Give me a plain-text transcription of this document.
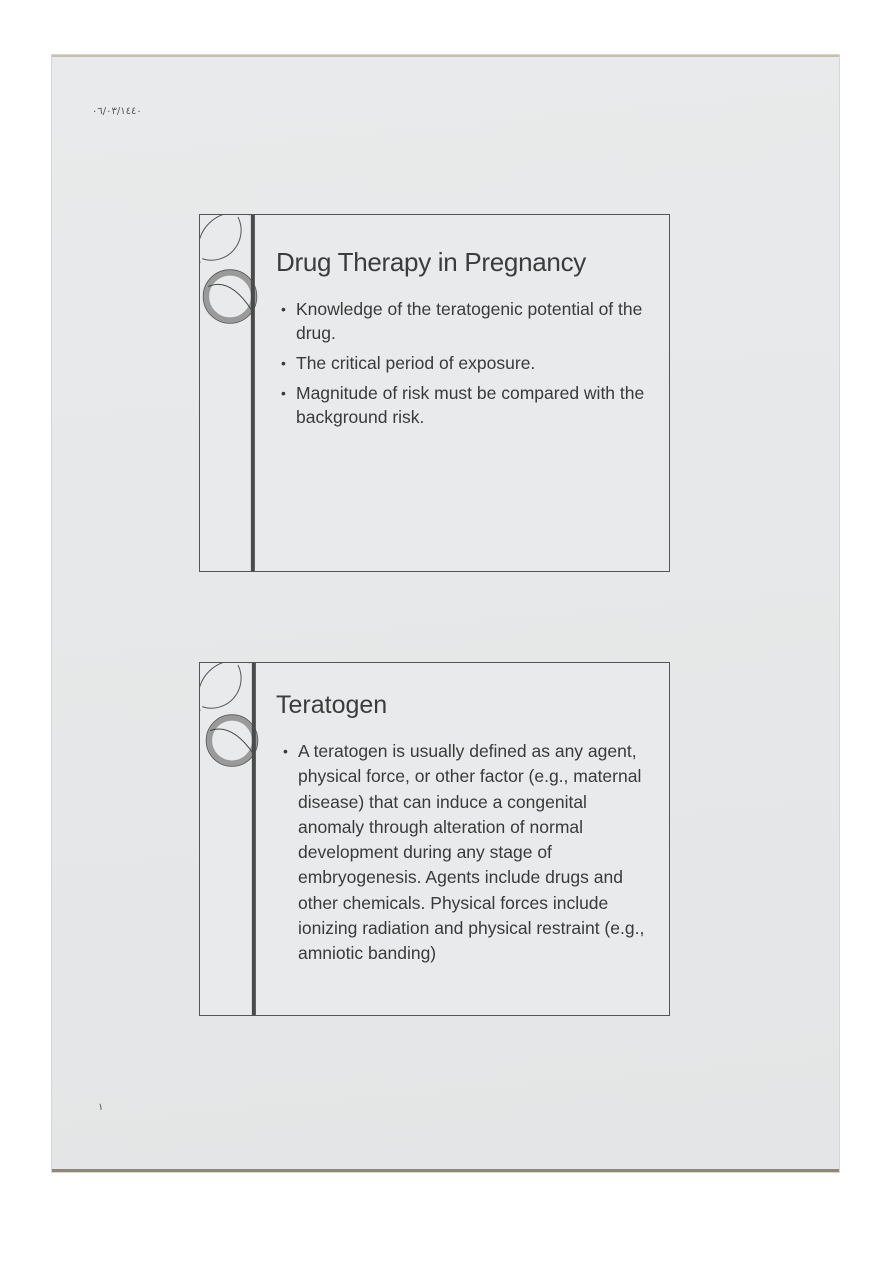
٠٦/٠٣/١٤٤٠
Drug Therapy in Pregnancy
• Knowledge of the teratogenic potential of the drug.
• The critical period of exposure.
• Magnitude of risk must be compared with the background risk.
Teratogen
• A teratogen is usually defined as any agent, physical force, or other factor (e.g., maternal disease) that can induce a congenital anomaly through alteration of normal development during any stage of embryogenesis. Agents include drugs and other chemicals. Physical forces include ionizing radiation and physical restraint (e.g., amniotic banding)
١
